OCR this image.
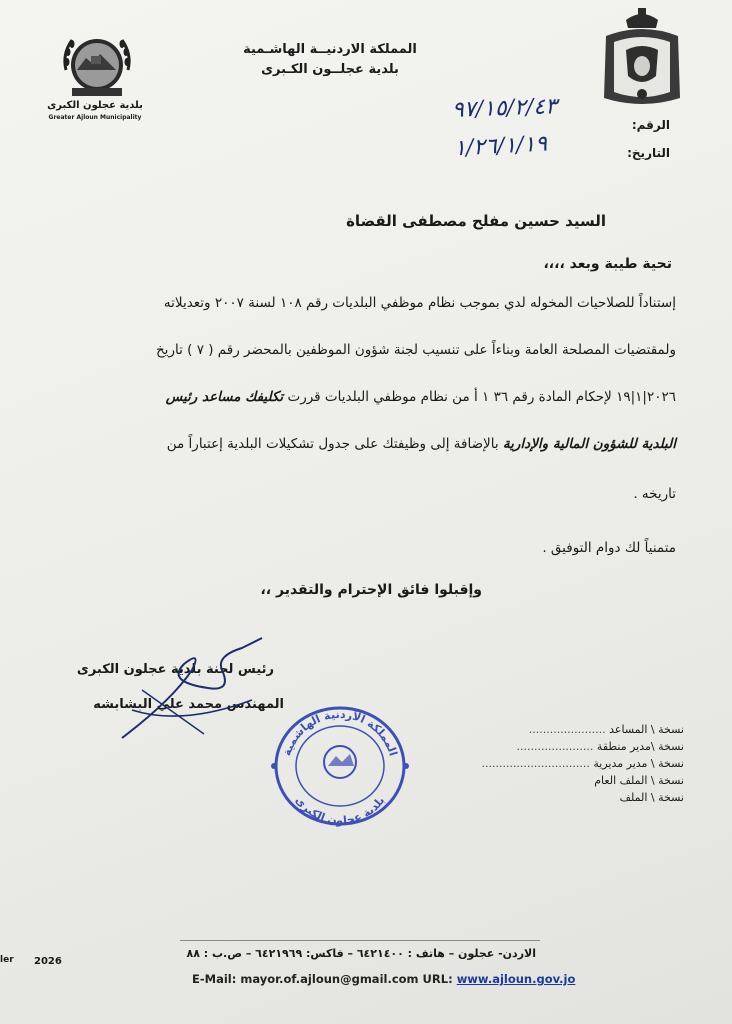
بلدية عجلون الكبرى
Greater Ajloun Municipality
المملكة الاردنيــة الهاشـمية
بلدية عجلــون الكـبرى
الرقم:
٩٧/١٥/٢/٤٣
التاريخ:
١/٢٦/١/١٩
السيد حسين مفلح مصطفى القضاة
تحية طيبة وبعد ،،،،
إستناداً للصلاحيات المخوله لدي بموجب نظام موظفي البلديات رقم ١٠٨ لسنة ٢٠٠٧ وتعديلاته
ولمقتضيات المصلحة العامة وبناءاً على تنسيب لجنة شؤون الموظفين بالمحضر رقم ( ٧ ) تاريخ
٢٠٢٦|١|١٩ لإحكام المادة رقم ٣٦ ١ أ من نظام موظفي البلديات قررت تكليفك مساعد رئيس
البلدية للشؤون المالية والإدارية بالإضافة إلى وظيفتك على جدول تشكيلات البلدية إعتباراً من
تاريخه .
متمنياً لك دوام التوفيق .
وإقبلوا فائق الإحترام والتقدير ،،
رئيس لجنة بلدية عجلون الكبرى
المهندس محمد علي البشابشه
المملكة الأردنية الهاشمية
بلدية عجلون الكبرى
نسخة \ المساعد ......................
نسخة \مدير منطقة ......................
نسخة \ مدير مديرية ...............................
نسخة \ الملف العام
نسخة \ الملف
ler 2026
الاردن- عجلون – هاتف : ٦٤٢١٤٠٠ – فاكس: ٦٤٢١٩٦٩ – ص.ب : ٨٨
E-Mail: mayor.of.ajloun@gmail.com URL: www.ajloun.gov.jo
